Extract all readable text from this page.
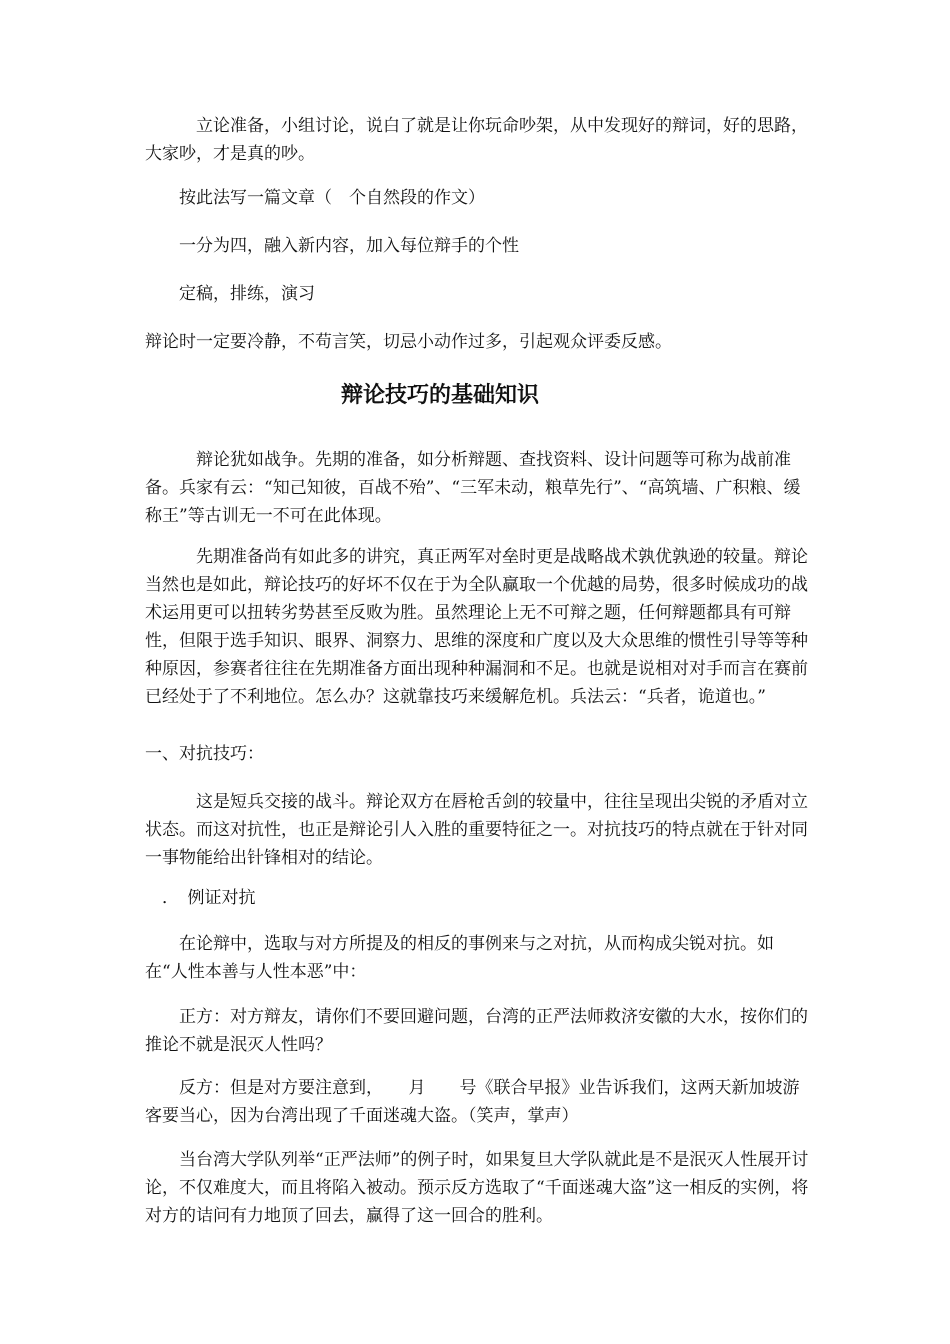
　　　立论准备，小组讨论，说白了就是让你玩命吵架，从中发现好的辩词，好的思路，大家吵，才是真的吵。

　　按此法写一篇文章（　个自然段的作文）

　　一分为四，融入新内容，加入每位辩手的个性

　　定稿，排练，演习

辩论时一定要冷静，不苟言笑，切忌小动作过多，引起观众评委反感。

辩论技巧的基础知识

　　　辩论犹如战争。先期的准备，如分析辩题、查找资料、设计问题等可称为战前准备。兵家有云：“知己知彼，百战不殆”、“三军未动，粮草先行”、“高筑墙、广积粮、缓称王”等古训无一不可在此体现。

　　　先期准备尚有如此多的讲究，真正两军对垒时更是战略战术孰优孰逊的较量。辩论当然也是如此，辩论技巧的好坏不仅在于为全队赢取一个优越的局势，很多时候成功的战术运用更可以扭转劣势甚至反败为胜。虽然理论上无不可辩之题，任何辩题都具有可辩性，但限于选手知识、眼界、洞察力、思维的深度和广度以及大众思维的惯性引导等等种种原因，参赛者往往在先期准备方面出现种种漏洞和不足。也就是说相对对手而言在赛前已经处于了不利地位。怎么办？这就靠技巧来缓解危机。兵法云：“兵者，诡道也。”

一、对抗技巧：

　　　这是短兵交接的战斗。辩论双方在唇枪舌剑的较量中，往往呈现出尖锐的矛盾对立状态。而这对抗性，也正是辩论引人入胜的重要特征之一。对抗技巧的特点就在于针对同一事物能给出针锋相对的结论。

　．　例证对抗

　　在论辩中，选取与对方所提及的相反的事例来与之对抗，从而构成尖锐对抗。如在“人性本善与人性本恶”中：

　　正方：对方辩友，请你们不要回避问题，台湾的正严法师救济安徽的大水，按你们的推论不就是泯灭人性吗？

　　反方：但是对方要注意到，　　月　　号《联合早报》业告诉我们，这两天新加坡游客要当心，因为台湾出现了千面迷魂大盗。（笑声，掌声）

　　当台湾大学队列举“正严法师”的例子时，如果复旦大学队就此是不是泯灭人性展开讨论，不仅难度大，而且将陷入被动。预示反方选取了“千面迷魂大盗”这一相反的实例，将对方的诘问有力地顶了回去，赢得了这一回合的胜利。
